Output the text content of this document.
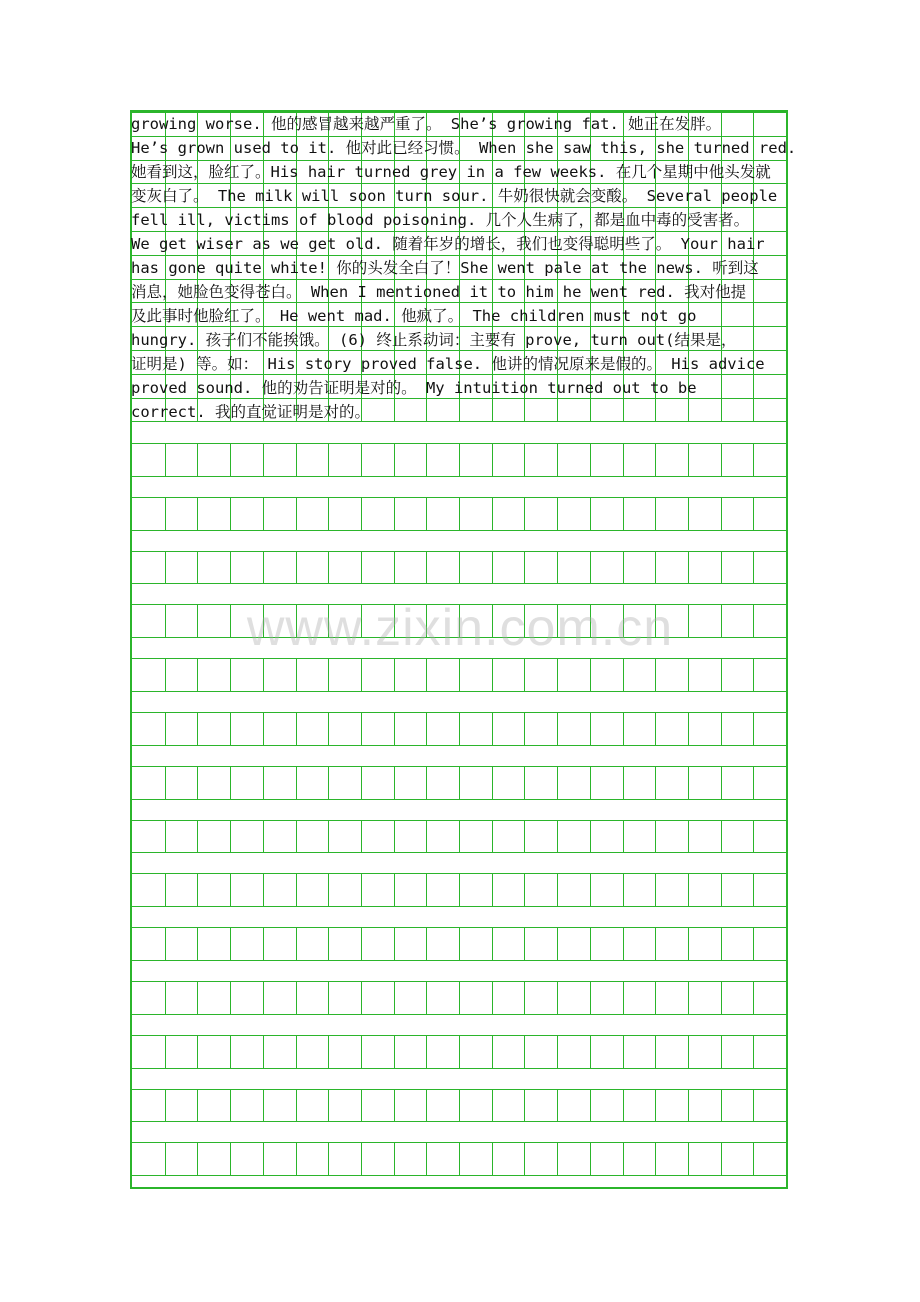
growing worse. 他的感冒越来越严重了。 She’s growing fat. 她正在发胖。
He’s grown used to it. 他对此已经习惯。 When she saw this, she turned red.
她看到这，脸红了。His hair turned grey in a few weeks. 在几个星期中他头发就
变灰白了。 The milk will soon turn sour. 牛奶很快就会变酸。 Several people
fell ill, victims of blood poisoning. 几个人生病了，都是血中毒的受害者。
We get wiser as we get old. 随着年岁的增长，我们也变得聪明些了。 Your hair
has gone quite white! 你的头发全白了！She went pale at the news. 听到这
消息，她脸色变得苍白。 When I mentioned it to him he went red. 我对他提
及此事时他脸红了。 He went mad. 他疯了。 The children must not go
hungry. 孩子们不能挨饿。 (6) 终止系动词：主要有 prove, turn out(结果是，
证明是) 等。如： His story proved false. 他讲的情况原来是假的。 His advice
proved sound. 他的劝告证明是对的。 My intuition turned out to be
correct. 我的直觉证明是对的。
www.zixin.com.cn
